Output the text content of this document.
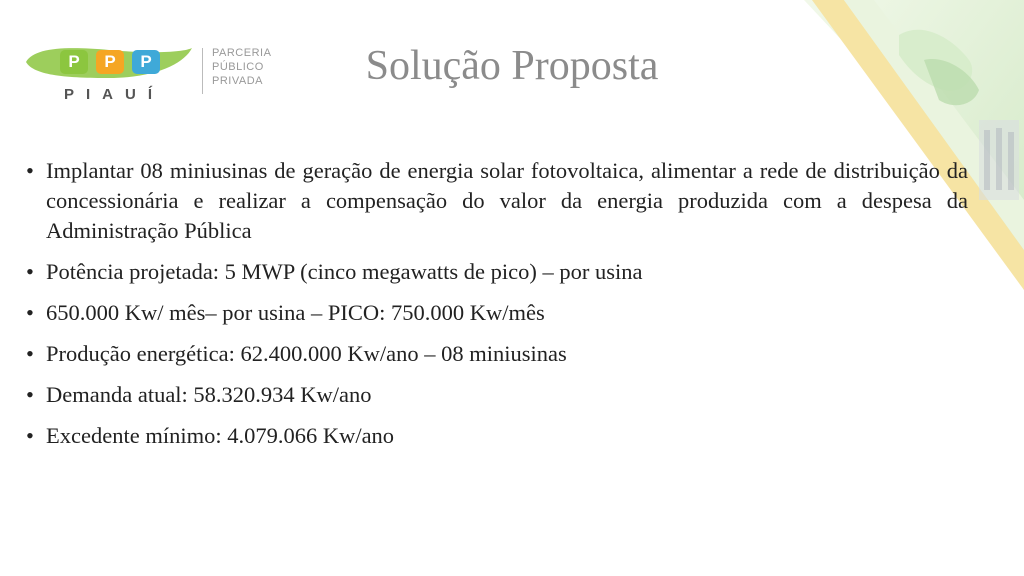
P	P	P
PIAUÍ
PARCERIA
PÚBLICO
PRIVADA	Solução Proposta
• Implantar 08 miniusinas de geração de energia solar fotovoltaica, alimentar a rede de distribuição da concessionária e realizar a compensação do valor da energia produzida com a despesa da Administração Pública
• Potência projetada: 5 MWP (cinco megawatts de pico) – por usina
• 650.000 Kw/ mês– por usina – PICO: 750.000 Kw/mês
• Produção energética: 62.400.000 Kw/ano – 08 miniusinas
• Demanda atual: 58.320.934 Kw/ano
• Excedente mínimo: 4.079.066 Kw/ano
